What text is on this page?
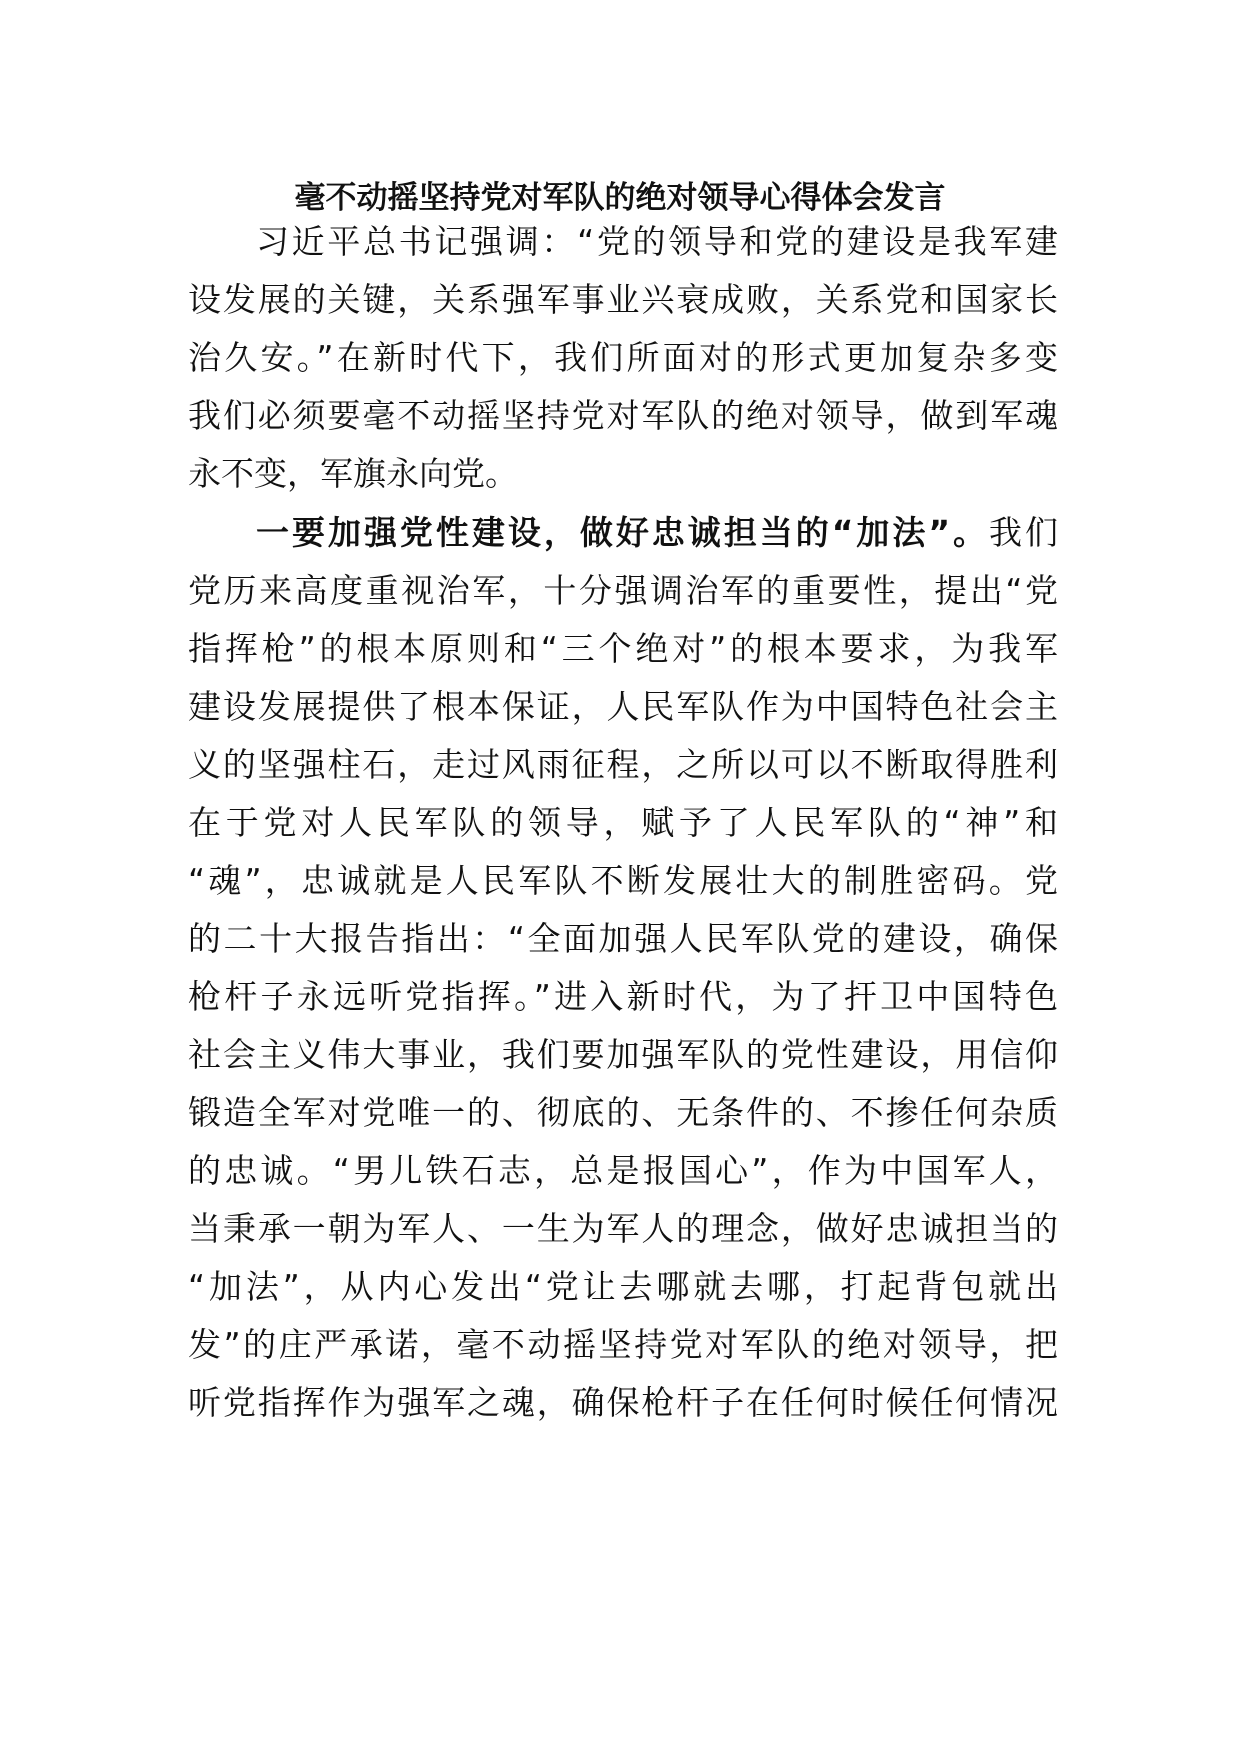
毫不动摇坚持党对军队的绝对领导心得体会发言
习近平总书记强调：“党的领导和党的建设是我军建
设发展的关键，关系强军事业兴衰成败，关系党和国家长
治久安。”在新时代下，我们所面对的形式更加复杂多变
我们必须要毫不动摇坚持党对军队的绝对领导，做到军魂
永不变，军旗永向党。
一要加强党性建设，做好忠诚担当的“加法”。我们
党历来高度重视治军，十分强调治军的重要性，提出“党
指挥枪”的根本原则和“三个绝对”的根本要求，为我军
建设发展提供了根本保证，人民军队作为中国特色社会主
义的坚强柱石，走过风雨征程，之所以可以不断取得胜利
在于党对人民军队的领导，赋予了人民军队的“神”和
“魂”，忠诚就是人民军队不断发展壮大的制胜密码。党
的二十大报告指出：“全面加强人民军队党的建设，确保
枪杆子永远听党指挥。”进入新时代，为了扞卫中国特色
社会主义伟大事业，我们要加强军队的党性建设，用信仰
锻造全军对党唯一的、彻底的、无条件的、不掺任何杂质
的忠诚。“男儿铁石志，总是报国心”，作为中国军人，
当秉承一朝为军人、一生为军人的理念，做好忠诚担当的
“加法”，从内心发出“党让去哪就去哪，打起背包就出
发”的庄严承诺，毫不动摇坚持党对军队的绝对领导，把
听党指挥作为强军之魂，确保枪杆子在任何时候任何情况
